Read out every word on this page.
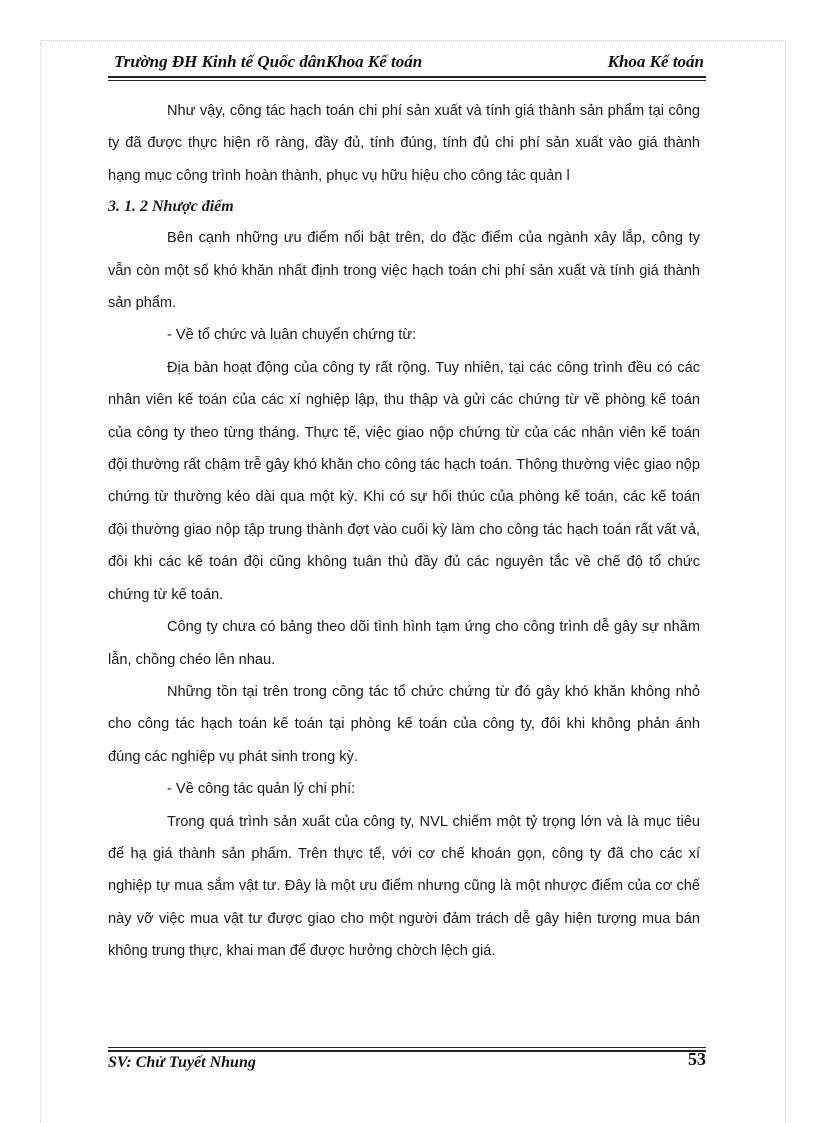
Trường ĐH Kinh tế Quốc dânKhoa Kế toán	Khoa Kế toán

Như vậy, công tác hạch toán chi phí sản xuất và tính giá thành sản phẩm tại công ty đã được thực hiện rõ ràng, đầy đủ, tính đúng, tính đủ chi phí sản xuất vào giá thành hạng mục công trình hoàn thành, phục vụ hữu hiệu cho công tác quản l

3. 1. 2 Nhược điểm

Bên cạnh những ưu điểm nổi bật trên, do đặc điểm của ngành xây lắp, công ty vẫn còn một số khó khăn nhất định trong việc hạch toán chi phí sản xuất và tính giá thành sản phẩm.

- Về tổ chức và luân chuyển chứng từ:

Địa bàn hoạt động của công ty rất rộng. Tuy nhiên, tại các công trình đều có các nhân viên kế toán của các xí nghiệp lập, thu thập và gửi các chứng từ về phòng kế toán của công ty theo từng tháng. Thực tế, việc giao nộp chứng từ của các nhân viên kế toán đội thường rất chậm trễ gây khó khăn cho công tác hạch toán. Thông thường việc giao nộp chứng từ thường kéo dài qua một kỳ. Khi có sự hối thúc của phòng kế toán, các kế toán đội thường giao nộp tập trung thành đợt vào cuối kỳ làm cho công tác hạch toán rất vất vả, đôi khi các kế toán đội cũng không tuân thủ đầy đủ các nguyên tắc về chế độ tổ chức chứng từ kế toán.

Công ty chưa có bảng theo dõi tình hình tạm ứng cho công trình dễ gây sự nhầm lẫn, chồng chéo lên nhau.

Những tồn tại trên trong công tác tổ chức chứng từ đó gây khó khăn không nhỏ cho công tác hạch toán kế toán tại phòng kế toán của công ty, đôi khi không phản ánh đúng các nghiệp vụ phát sinh trong kỳ.

- Về công tác quản lý chi phí:

Trong quá trình sản xuất của công ty, NVL chiếm một tỷ trọng lớn và là mục tiêu để hạ giá thành sản phẩm. Trên thực tế, với cơ chế khoán gọn, công ty đã cho các xí nghiệp tự mua sắm vật tư. Đây là một ưu điểm nhưng cũng là một nhược điểm của cơ chế này vỡ việc mua vật tư được giao cho một người đảm trách dễ gây hiện tượng mua bán không trung thực, khai man để được hưởng chờch lệch giá.

SV: Chử Tuyết Nhung	53
